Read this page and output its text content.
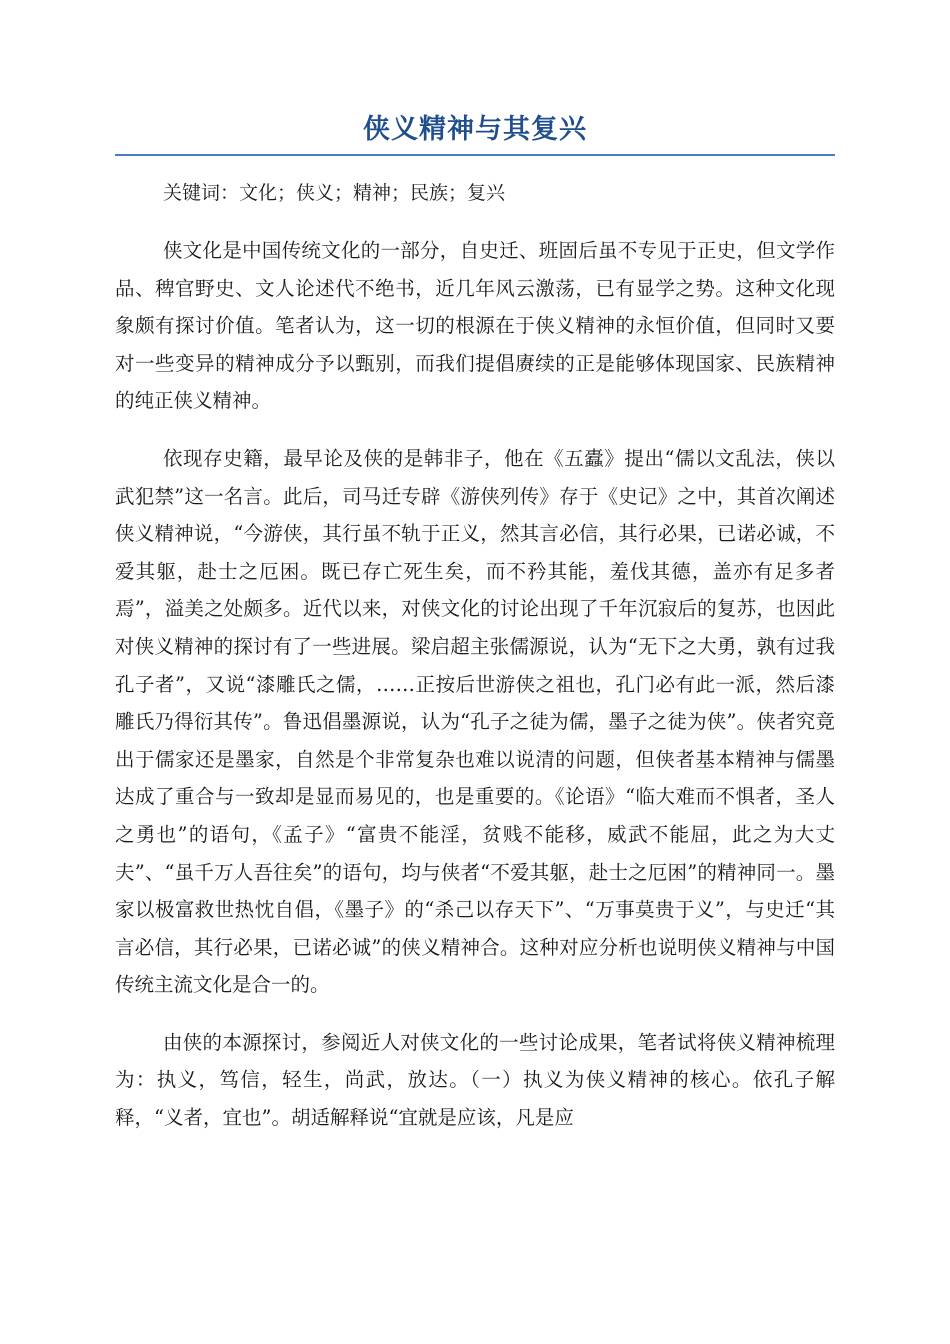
侠义精神与其复兴

关键词：文化；侠义；精神；民族；复兴

侠文化是中国传统文化的一部分，自史迁、班固后虽不专见于正史，但文学作品、稗官野史、文人论述代不绝书，近几年风云激荡，已有显学之势。这种文化现象颇有探讨价值。笔者认为，这一切的根源在于侠义精神的永恒价值，但同时又要对一些变异的精神成分予以甄别，而我们提倡赓续的正是能够体现国家、民族精神的纯正侠义精神。

依现存史籍，最早论及侠的是韩非子，他在《五蠹》提出“儒以文乱法，侠以武犯禁”这一名言。此后，司马迁专辟《游侠列传》存于《史记》之中，其首次阐述侠义精神说，“今游侠，其行虽不轨于正义，然其言必信，其行必果，已诺必诚，不爱其躯，赴士之厄困。既已存亡死生矣，而不矜其能，羞伐其德，盖亦有足多者焉”，溢美之处颇多。近代以来，对侠文化的讨论出现了千年沉寂后的复苏，也因此对侠义精神的探讨有了一些进展。梁启超主张儒源说，认为“无下之大勇，孰有过我孔子者”，又说“漆雕氏之儒，……正按后世游侠之祖也，孔门必有此一派，然后漆雕氏乃得衍其传”。鲁迅倡墨源说，认为“孔子之徒为儒，墨子之徒为侠”。侠者究竟出于儒家还是墨家，自然是个非常复杂也难以说清的问题，但侠者基本精神与儒墨达成了重合与一致却是显而易见的，也是重要的。《论语》“临大难而不惧者，圣人之勇也”的语句，《孟子》“富贵不能淫，贫贱不能移，威武不能屈，此之为大丈夫”、“虽千万人吾往矣”的语句，均与侠者“不爱其躯，赴士之厄困”的精神同一。墨家以极富救世热忱自倡，《墨子》的“杀己以存天下”、“万事莫贵于义”，与史迁“其言必信，其行必果，已诺必诚”的侠义精神合。这种对应分析也说明侠义精神与中国传统主流文化是合一的。

由侠的本源探讨，参阅近人对侠文化的一些讨论成果，笔者试将侠义精神梳理为：执义，笃信，轻生，尚武，放达。（一）执义为侠义精神的核心。依孔子解释，“义者，宜也”。胡适解释说“宜就是应该，凡是应
